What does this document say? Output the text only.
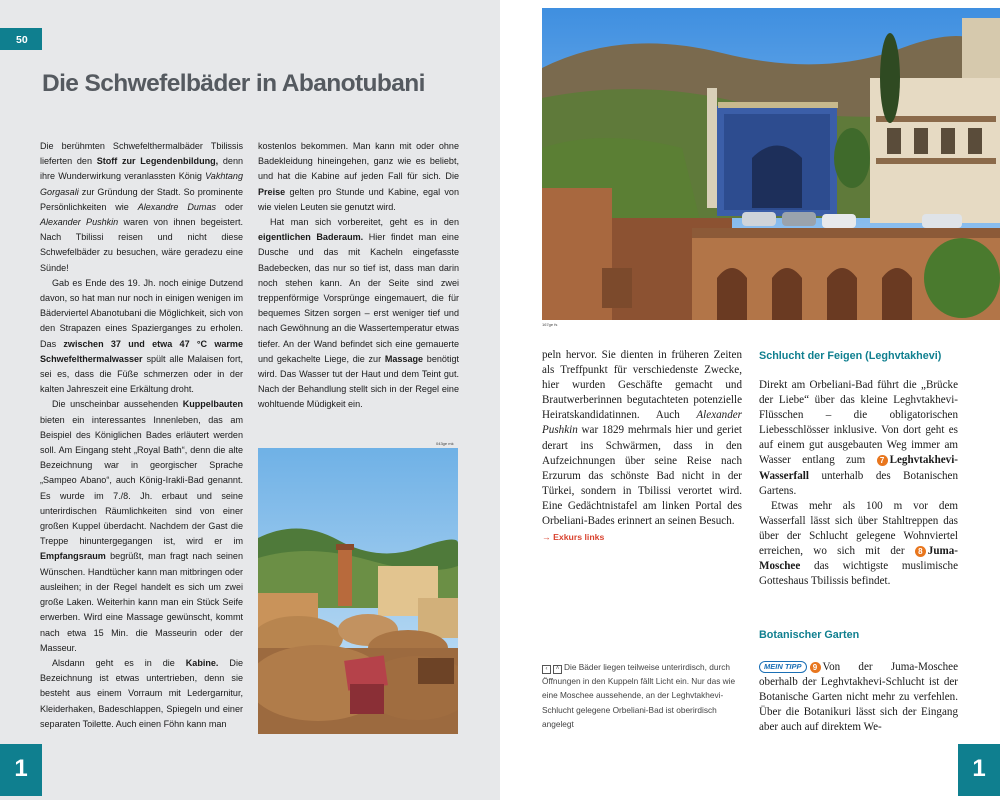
50
Die Schwefelbäder in Abanotubani

Die berühmten Schwefelthermalbäder Tbilissis lieferten den Stoff zur Legendenbildung, denn ihre Wunderwirkung veranlassten König Vakhtang Gorgasali zur Gründung der Stadt. So prominente Persönlichkeiten wie Alexandre Dumas oder Alexander Pushkin waren von ihnen begeistert. Nach Tbilissi reisen und nicht diese Schwefelbäder zu besuchen, wäre geradezu eine Sünde!

Gab es Ende des 19. Jh. noch einige Dutzend davon, so hat man nur noch in einigen wenigen im Bäderviertel Abanotubani die Möglichkeit, sich von den Strapazen eines Spazierganges zu erholen. Das zwischen 37 und etwa 47 °C warme Schwefelthermalwasser spült alle Malaisen fort, sei es, dass die Füße schmerzen oder in der kalten Jahreszeit eine Erkältung droht.

Die unscheinbar aussehenden Kuppelbauten bieten ein interessantes Innenleben, das am Beispiel des Königlichen Bades erläutert werden soll. Am Eingang steht „Royal Bath“, denn die alte Bezeichnung war in georgischer Sprache „Sampeo Abano“, auch König-Irakli-Bad genannt. Es wurde im 7./8. Jh. erbaut und seine unterirdischen Räumlichkeiten sind von einer großen Kuppel überdacht. Nachdem der Gast die Treppe hinuntergegangen ist, wird er im Empfangsraum begrüßt, man fragt nach seinen Wünschen. Handtücher kann man mitbringen oder ausleihen; in der Regel handelt es sich um zwei große Laken. Weiterhin kann man ein Stück Seife erwerben. Wird eine Massage gewünscht, kommt nach etwa 15 Min. die Masseurin oder der Masseur.

Alsdann geht es in die Kabine. Die Bezeichnung ist etwas untertrieben, denn sie besteht aus einem Vorraum mit Ledergarnitur, Kleiderhaken, Badeschlappen, Spiegeln und einer separaten Toilette. Auch einen Föhn kann man

kostenlos bekommen. Man kann mit oder ohne Badekleidung hineingehen, ganz wie es beliebt, und hat die Kabine auf jeden Fall für sich. Die Preise gelten pro Stunde und Kabine, egal von wie vielen Leuten sie genutzt wird.

Hat man sich vorbereitet, geht es in den eigentlichen Baderaum. Hier findet man eine Dusche und das mit Kacheln eingefasste Badebecken, das nur so tief ist, dass man darin noch stehen kann. An der Seite sind zwei treppenförmige Vorsprünge eingemauert, die für bequemes Sitzen sorgen – erst weniger tief und nach Gewöhnung an die Wassertemperatur etwas tiefer. An der Wand befindet sich eine gemauerte und gekachelte Liege, die zur Massage benötigt wird. Das Wasser tut der Haut und dem Teint gut. Nach der Behandlung stellt sich in der Regel eine wohltuende Müdigkeit ein.

043ge mk
1
167ge fs

peln hervor. Sie dienten in früheren Zeiten als Treffpunkt für verschiedenste Zwecke, hier wurden Geschäfte gemacht und Brautwerberinnen begutachteten potenzielle Heiratskandidatinnen. Auch Alexander Pushkin war 1829 mehrmals hier und geriet derart ins Schwärmen, dass in den Aufzeichnungen über seine Reise nach Erzurum das schönste Bad nicht in der Türkei, sondern in Tbilissi verortet wird. Eine Gedächtnistafel am linken Portal des Orbeliani-Bades erinnert an seinen Besuch.

→ Exkurs links
Schlucht der Feigen (Leghvtakhevi)

Direkt am Orbeliani-Bad führt die „Brücke der Liebe“ über das kleine Leghvtakhevi-Flüsschen – die obligatorischen Liebesschlösser inklusive. Von dort geht es auf einem gut ausgebauten Weg immer am Wasser entlang zum 7 Leghvtakhevi-Wasserfall unterhalb des Botanischen Gartens.

Etwas mehr als 100 m vor dem Wasserfall lässt sich über Stahltreppen das über der Schlucht gelegene Wohnviertel erreichen, wo sich mit der 8 Juma-Moschee das wichtigste muslimische Gotteshaus Tbilissis befindet.

Botanischer Garten

MEIN TIPP 9 Von der Juma-Moschee oberhalb der Leghvtakhevi-Schlucht ist der Botanische Garten nicht mehr zu verfehlen. Über die Botanikuri lässt sich der Eingang aber auch auf direktem We-

‹ ˄ Die Bäder liegen teilweise unterirdisch, durch Öffnungen in den Kuppeln fällt Licht ein. Nur das wie eine Moschee aussehende, an der Leghvtakhevi-Schlucht gelegene Orbeliani-Bad ist oberirdisch angelegt
1
